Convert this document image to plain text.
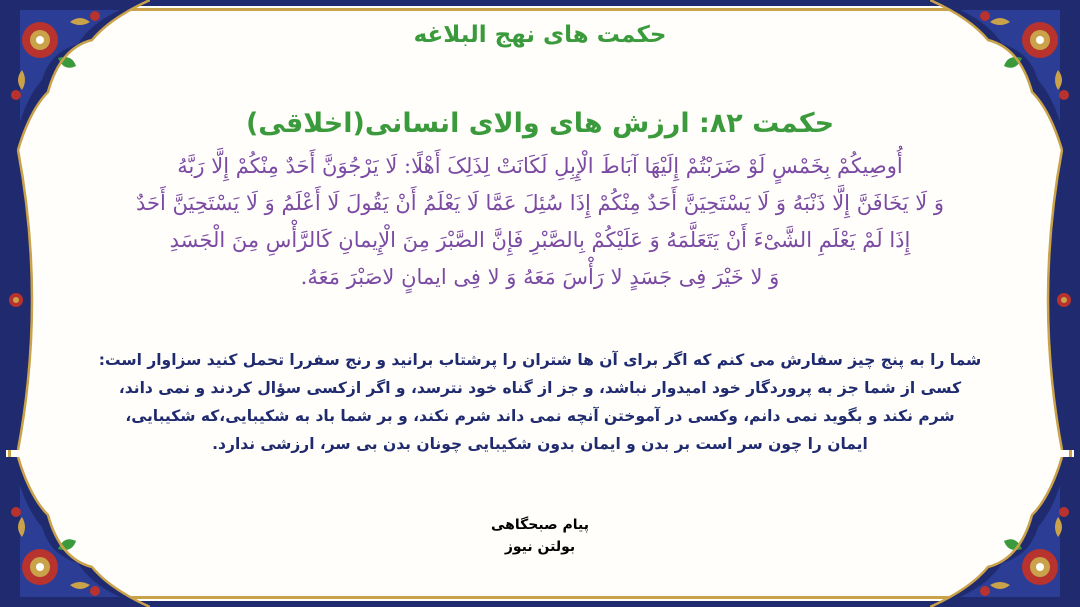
حکمت های نهج البلاغه
حکمت ۸۲: ارزش های والای انسانی(اخلاقی)
أُوصِیکُمْ بِخَمْسٍ لَوْ ضَرَبْتُمْ إِلَیْهَا آبَاطَ الْإِبِلِ لَکَانَتْ لِذَلِکَ أَهْلًا: لَا یَرْجُوَنَّ أَحَدٌ مِنْکُمْ إِلَّا رَبَّهُ
وَ لَا یَخَافَنَّ إِلَّا ذَنْبَهُ وَ لَا یَسْتَحِیَنَّ أَحَدٌ مِنْکُمْ إِذَا سُئِلَ عَمَّا لَا یَعْلَمُ أَنْ یَقُولَ لَا أَعْلَمُ وَ لَا یَسْتَحِیَنَّ أَحَدٌ
إِذَا لَمْ یَعْلَمِ الشَّیْءَ أَنْ یَتَعَلَّمَهُ وَ عَلَیْکُمْ بِالصَّبْرِ فَإِنَّ الصَّبْرَ مِنَ الْإِیمانِ کَالرَّأْسِ مِنَ الْجَسَدِ
وَ لا خَیْرَ فِی جَسَدٍ لا رَأْسَ مَعَهُ وَ لا فِی ایمانٍ لاصَبْرَ مَعَهُ.
شما را به پنج چیز سفارش می کنم که اگر برای آن ها شتران را پرشتاب برانید و رنج سفررا تحمل کنید سزاوار است:
کسی از شما جز به پروردگار خود امیدوار نباشد، و جز از گناه خود نترسد، و اگر ازکسی سؤال کردند و نمی داند،
شرم نکند و بگوید نمی دانم، وکسی در آموختن آنچه نمی داند شرم نکند، و بر شما باد به شکیبایی،که شکیبایی،
ایمان را چون سر است بر بدن و ایمان بدون شکیبایی چونان بدن بی سر، ارزشی ندارد.
پیام صبحگاهی
بولتن نیوز
